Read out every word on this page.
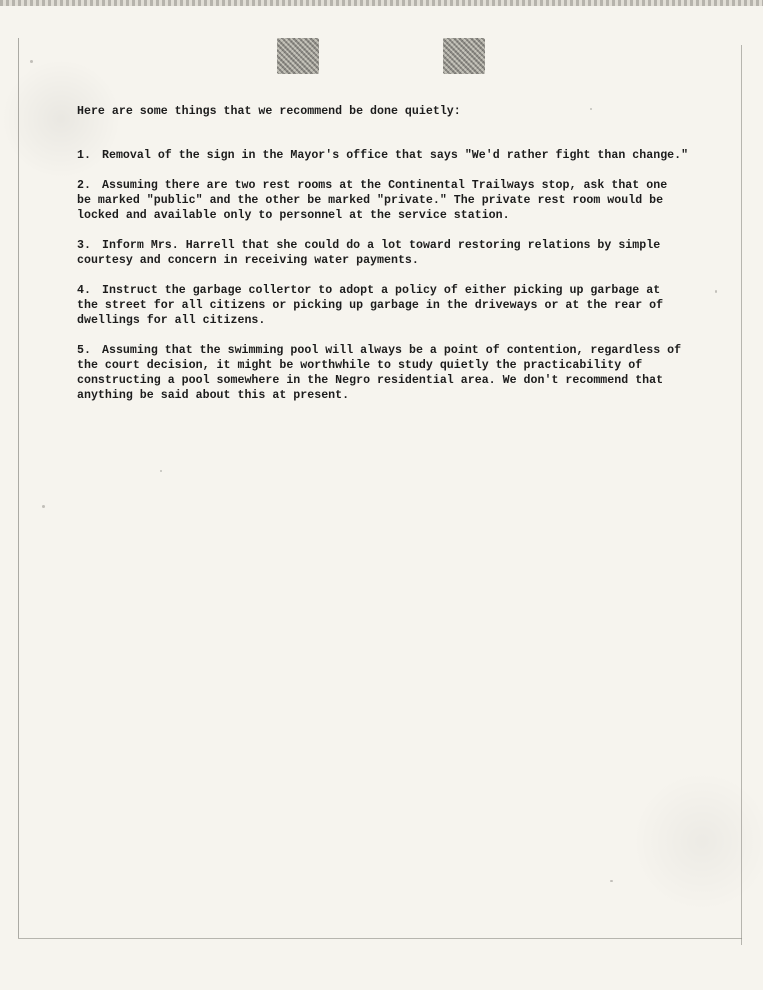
Here are some things that we recommend be done quietly:
1. Removal of the sign in the Mayor's office that says "We'd rather fight than change."
2. Assuming there are two rest rooms at the Continental Trailways stop, ask that one
be marked "public" and the other be marked "private." The private rest room would be
locked and available only to personnel at the service station.
3. Inform Mrs. Harrell that she could do a lot toward restoring relations by simple
courtesy and concern in receiving water payments.
4. Instruct the garbage collertor to adopt a policy of either picking up garbage at
the street for all citizens or picking up garbage in the driveways or at the rear of
dwellings for all citizens.
5. Assuming that the swimming pool will always be a point of contention, regardless of
the court decision, it might be worthwhile to study quietly the practicability of
constructing a pool somewhere in the Negro residential area. We don't recommend that
anything be said about this at present.
